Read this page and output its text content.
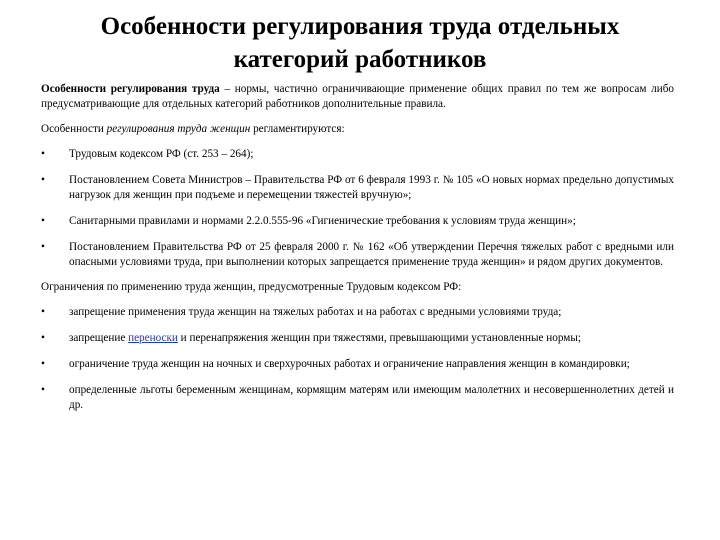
Особенности регулирования труда отдельных
категорий работников

Особенности регулирования труда – нормы, частично ограничивающие применение общих правил по тем же вопросам либо предусматривающие для отдельных категорий работников дополнительные правила.

Особенности регулирования труда женщин регламентируются:

•	Трудовым кодексом РФ (ст. 253 – 264);
•	Постановлением Совета Министров – Правительства РФ от 6 февраля 1993 г. № 105 «О новых нормах предельно допустимых нагрузок для женщин при подъеме и перемещении тяжестей вручную»;
•	Санитарными правилами и нормами 2.2.0.555-96 «Гигиенические требования к условиям труда женщин»;
•	Постановлением Правительства РФ от 25 февраля 2000 г. № 162 «Об утверждении Перечня тяжелых работ с вредными или опасными условиями труда, при выполнении которых запрещается применение труда женщин» и рядом других документов.

Ограничения по применению труда женщин, предусмотренные Трудовым кодексом РФ:

•	запрещение применения труда женщин на тяжелых работах и на работах с вредными условиями труда;
•	запрещение переноски и перенапряжения женщин при тяжестями, превышающими установленные нормы;
•	ограничение труда женщин на ночных и сверхурочных работах и ограничение направления женщин в командировки;
•	определенные льготы беременным женщинам, кормящим матерям или имеющим малолетних и несовершеннолетних детей и др.
